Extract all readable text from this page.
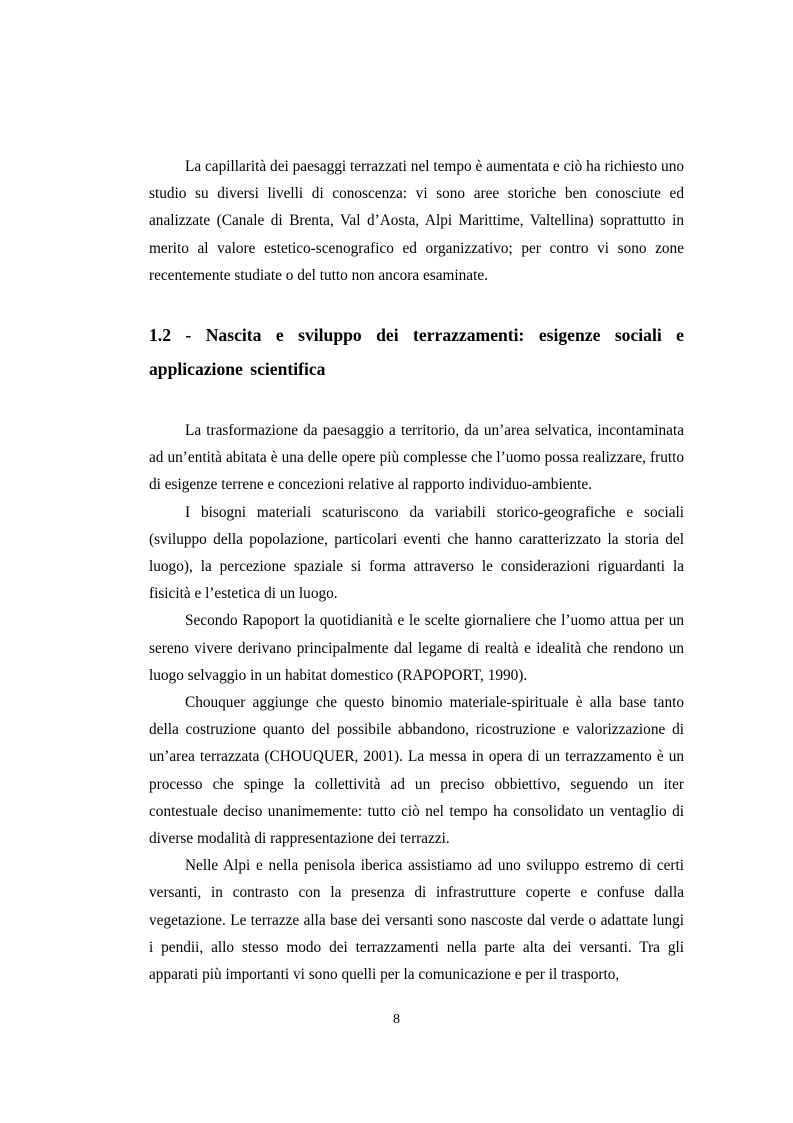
La capillarità dei paesaggi terrazzati nel tempo è aumentata e ciò ha richiesto uno studio su diversi livelli di conoscenza: vi sono aree storiche ben conosciute ed analizzate (Canale di Brenta, Val d’Aosta, Alpi Marittime, Valtellina) soprattutto in merito al valore estetico-scenografico ed organizzativo; per contro vi sono zone recentemente studiate o del tutto non ancora esaminate.

1.2 - Nascita e sviluppo dei terrazzamenti: esigenze sociali e applicazione scientifica

La trasformazione da paesaggio a territorio, da un’area selvatica, incontaminata ad un’entità abitata è una delle opere più complesse che l’uomo possa realizzare, frutto di esigenze terrene e concezioni relative al rapporto individuo-ambiente.

I bisogni materiali scaturiscono da variabili storico-geografiche e sociali (sviluppo della popolazione, particolari eventi che hanno caratterizzato la storia del luogo), la percezione spaziale si forma attraverso le considerazioni riguardanti la fisicità e l’estetica di un luogo.

Secondo Rapoport la quotidianità e le scelte giornaliere che l’uomo attua per un sereno vivere derivano principalmente dal legame di realtà e idealità che rendono un luogo selvaggio in un habitat domestico (RAPOPORT, 1990).

Chouquer aggiunge che questo binomio materiale-spirituale è alla base tanto della costruzione quanto del possibile abbandono, ricostruzione e valorizzazione di un’area terrazzata (CHOUQUER, 2001). La messa in opera di un terrazzamento è un processo che spinge la collettività ad un preciso obbiettivo, seguendo un iter contestuale deciso unanimemente: tutto ciò nel tempo ha consolidato un ventaglio di diverse modalità di rappresentazione dei terrazzi.

Nelle Alpi e nella penisola iberica assistiamo ad uno sviluppo estremo di certi versanti, in contrasto con la presenza di infrastrutture coperte e confuse dalla vegetazione. Le terrazze alla base dei versanti sono nascoste dal verde o adattate lungi i pendii, allo stesso modo dei terrazzamenti nella parte alta dei versanti. Tra gli apparati più importanti vi sono quelli per la comunicazione e per il trasporto,

8
